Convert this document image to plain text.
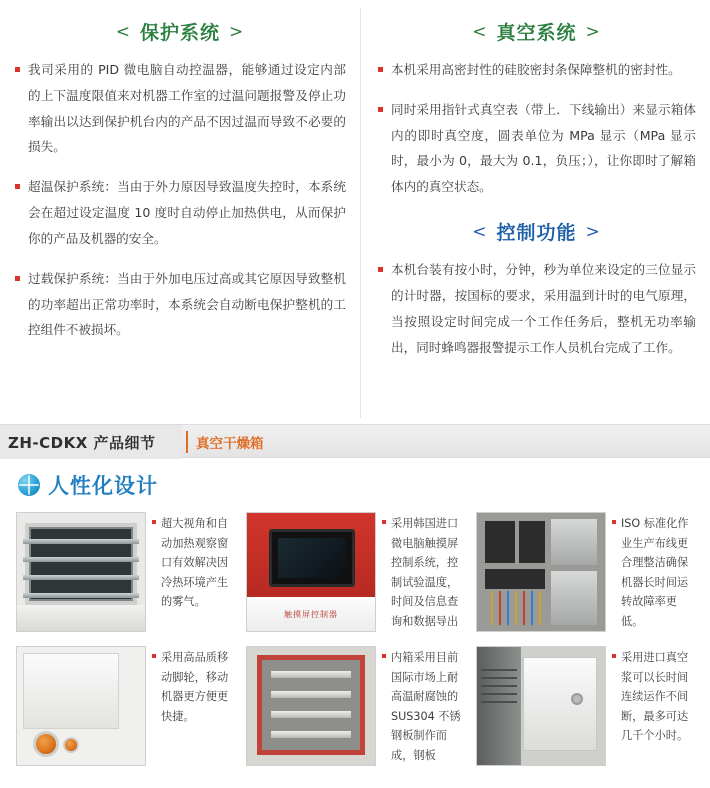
< 保护系统 >
我司采用的 PID 微电脑自动控温器，能够通过设定内部的上下温度限值来对机器工作室的过温问题报警及停止功率输出以达到保护机台内的产品不因过温而导致不必要的损失。
超温保护系统：当由于外力原因导致温度失控时，本系统会在超过设定温度 10 度时自动停止加热供电，从而保护你的产品及机器的安全。
过载保护系统：当由于外加电压过高或其它原因导致整机的功率超出正常功率时，本系统会自动断电保护整机的工控组件不被损坏。
< 真空系统 >
本机采用高密封性的硅胶密封条保障整机的密封性。
同时采用指针式真空表（带上．下线输出）来显示箱体内的即时真空度，圆表单位为 MPa 显示（MPa 显示时，最小为 0，最大为 0.1，负压；），让你即时了解箱体内的真空状态。
< 控制功能 >
本机台装有按小时，分钟，秒为单位来设定的三位显示的计时器，按国标的要求，采用温到计时的电气原理，当按照设定时间完成一个工作任务后，整机无功率输出，同时蜂鸣器报警提示工作人员机台完成了工作。
ZH-CDKX 产品细节	真空干燥箱
人性化设计
超大视角和自动加热观察窗口有效解决因冷热环境产生的雾气。
触摸屏控制器
采用韩国进口微电脑触摸屏控制系统，控制试验温度，时间及信息查询和数据导出
ISO 标准化作业生产布线更合理整洁确保机器长时间运转故障率更低。
采用高品质移动脚轮，移动机器更方便更快捷。
内箱采用目前国际市场上耐高温耐腐蚀的 SUS304 不锈钢板制作而成，钢板
采用进口真空浆可以长时间连续运作不间断，最多可达几千个小时。
